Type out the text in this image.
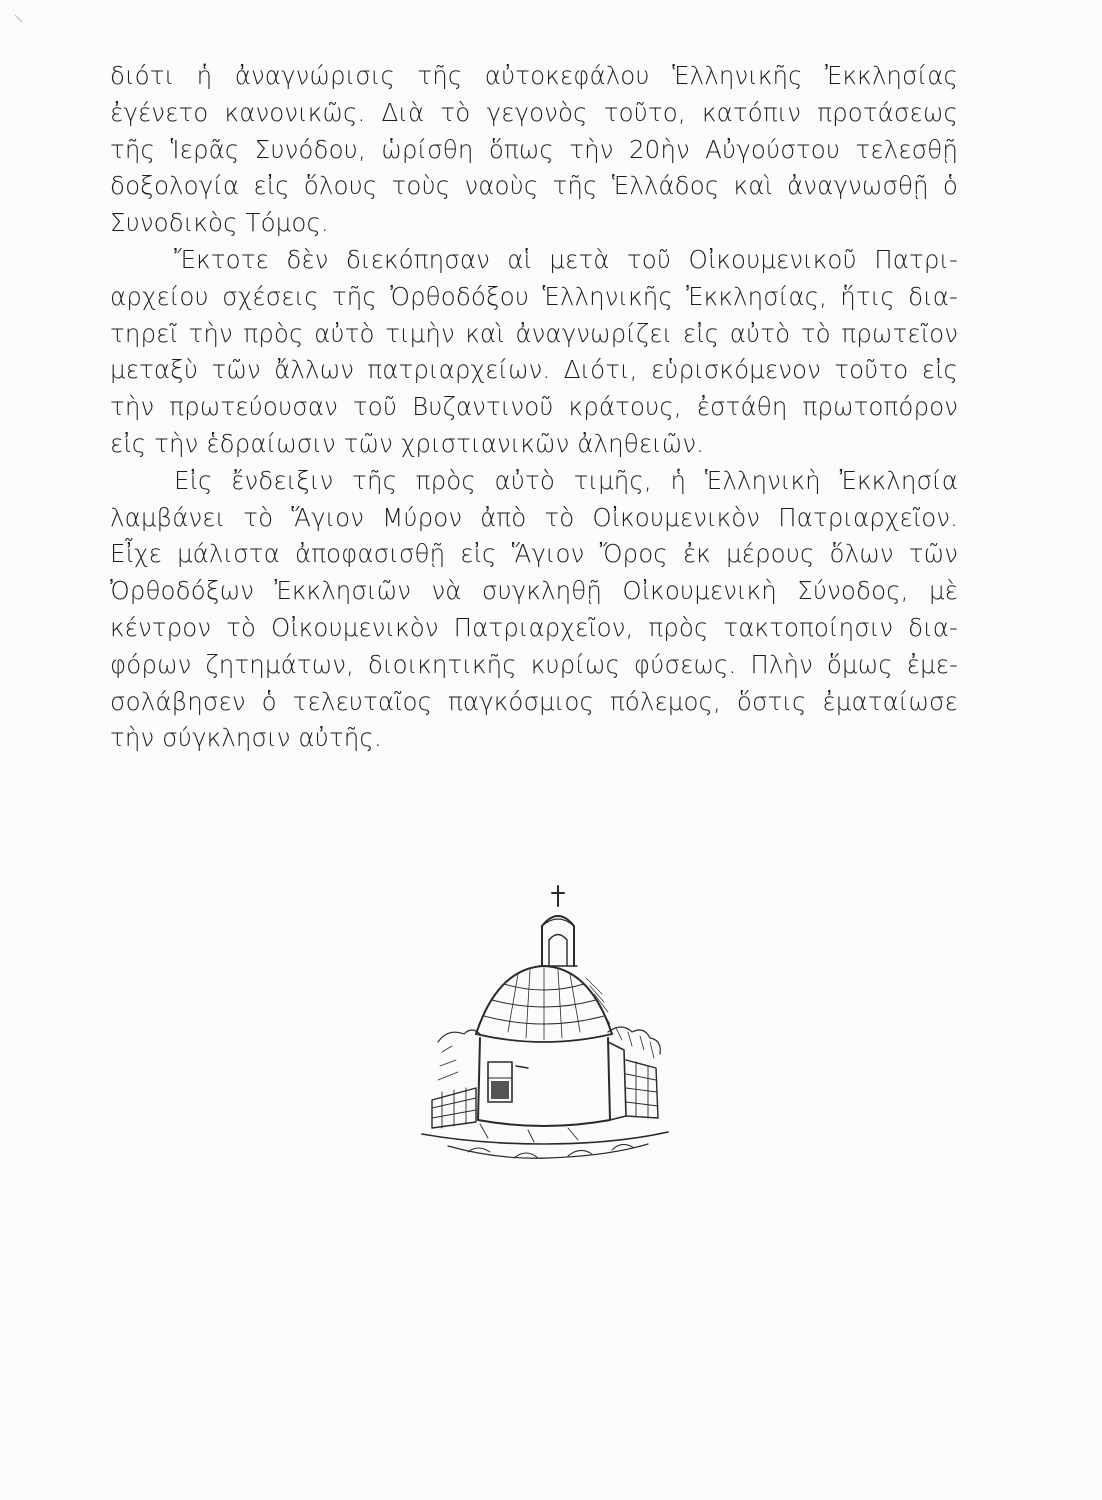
διότι ἡ ἀναγνώρισις τῆς αὐτοκεφάλου Ἑλληνικῆς Ἐκκλησίας
ἐγένετο κανονικῶς. Διὰ τὸ γεγονὸς τοῦτο, κατόπιν προτάσεως
τῆς Ἱερᾶς Συνόδου, ὡρίσθη ὅπως τὴν 20ὴν Αὐγούστου τελεσθῇ
δοξολογία εἰς ὅλους τοὺς ναοὺς τῆς Ἑλλάδος καὶ ἀναγνωσθῇ ὁ
Συνοδικὸς Τόμος.
Ἔκτοτε δὲν διεκόπησαν αἱ μετὰ τοῦ Οἰκουμενικοῦ Πατρι-
αρχείου σχέσεις τῆς Ὀρθοδόξου Ἑλληνικῆς Ἐκκλησίας, ἥτις δια-
τηρεῖ τὴν πρὸς αὐτὸ τιμὴν καὶ ἀναγνωρίζει εἰς αὐτὸ τὸ πρωτεῖον
μεταξὺ τῶν ἄλλων πατριαρχείων. Διότι, εὑρισκόμενον τοῦτο εἰς
τὴν πρωτεύουσαν τοῦ Βυζαντινοῦ κράτους, ἐστάθη πρωτοπόρον
εἰς τὴν ἑδραίωσιν τῶν χριστιανικῶν ἀληθειῶν.
Εἰς ἔνδειξιν τῆς πρὸς αὐτὸ τιμῆς, ἡ Ἑλληνικὴ Ἐκκλησία
λαμβάνει τὸ Ἅγιον Μύρον ἀπὸ τὸ Οἰκουμενικὸν Πατριαρχεῖον.
Εἶχε μάλιστα ἀποφασισθῇ εἰς Ἅγιον Ὄρος ἐκ μέρους ὅλων τῶν
Ὀρθοδόξων Ἐκκλησιῶν νὰ συγκληθῇ Οἰκουμενικὴ Σύνοδος, μὲ
κέντρον τὸ Οἰκουμενικὸν Πατριαρχεῖον, πρὸς τακτοποίησιν δια-
φόρων ζητημάτων, διοικητικῆς κυρίως φύσεως. Πλὴν ὅμως ἐμε-
σολάβησεν ὁ τελευταῖος παγκόσμιος πόλεμος, ὅστις ἐματαίωσε
τὴν σύγκλησιν αὐτῆς.
